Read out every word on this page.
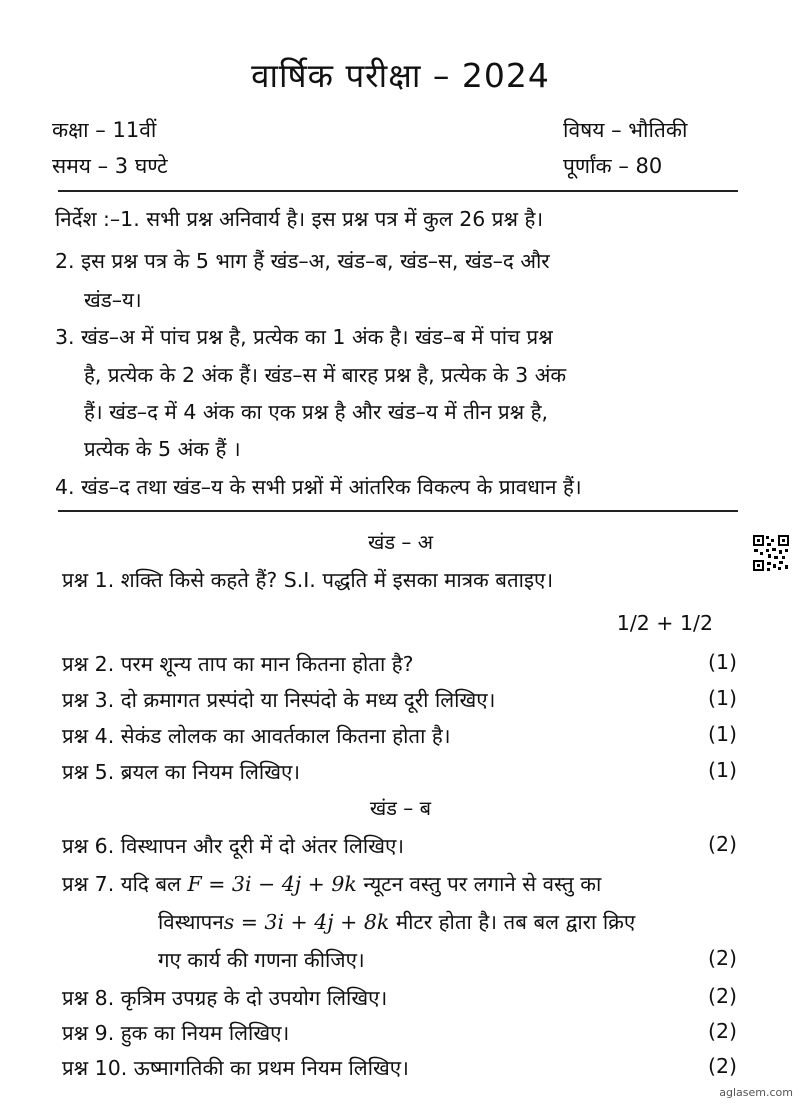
वार्षिक परीक्षा – 2024
कक्षा – 11वीं	विषय – भौतिकी
समय – 3 घण्टे	पूर्णांक – 80
निर्देश :–1. सभी प्रश्न अनिवार्य है। इस प्रश्न पत्र में कुल 26 प्रश्न है।
2. इस प्रश्न पत्र के 5 भाग हैं खंड–अ, खंड–ब, खंड–स, खंड–द और
खंड–य।
3. खंड–अ में पांच प्रश्न है, प्रत्येक का 1 अंक है। खंड–ब में पांच प्रश्न
है, प्रत्येक के 2 अंक हैं। खंड–स में बारह प्रश्न है, प्रत्येक के 3 अंक
हैं। खंड–द में 4 अंक का एक प्रश्न है और खंड–य में तीन प्रश्न है,
प्रत्येक के 5 अंक हैं ।
4. खंड–द तथा खंड–य के सभी प्रश्नों में आंतरिक विकल्प के प्रावधान हैं।
खंड – अ
प्रश्न 1. शक्ति किसे कहते हैं? S.I. पद्धति में इसका मात्रक बताइए।
1/2 + 1/2
प्रश्न 2. परम शून्य ताप का मान कितना होता है?	(1)
प्रश्न 3. दो क्रमागत प्रस्पंदो या निस्पंदो के मध्य दूरी लिखिए।	(1)
प्रश्न 4. सेकंड लोलक का आवर्तकाल कितना होता है।	(1)
प्रश्न 5. ब्रयल का नियम लिखिए।	(1)
खंड – ब
प्रश्न 6. विस्थापन और दूरी में दो अंतर लिखिए।	(2)
प्रश्न 7. यदि बल F = 3i − 4j + 9k न्यूटन वस्तु पर लगाने से वस्तु का
विस्थापनs = 3i + 4j + 8k मीटर होता है। तब बल द्वारा क्रिए
गए कार्य की गणना कीजिए।	(2)
प्रश्न 8. कृत्रिम उपग्रह के दो उपयोग लिखिए।	(2)
प्रश्न 9. हुक का नियम लिखिए।	(2)
प्रश्न 10. ऊष्मागतिकी का प्रथम नियम लिखिए।	(2)
aglasem.com
